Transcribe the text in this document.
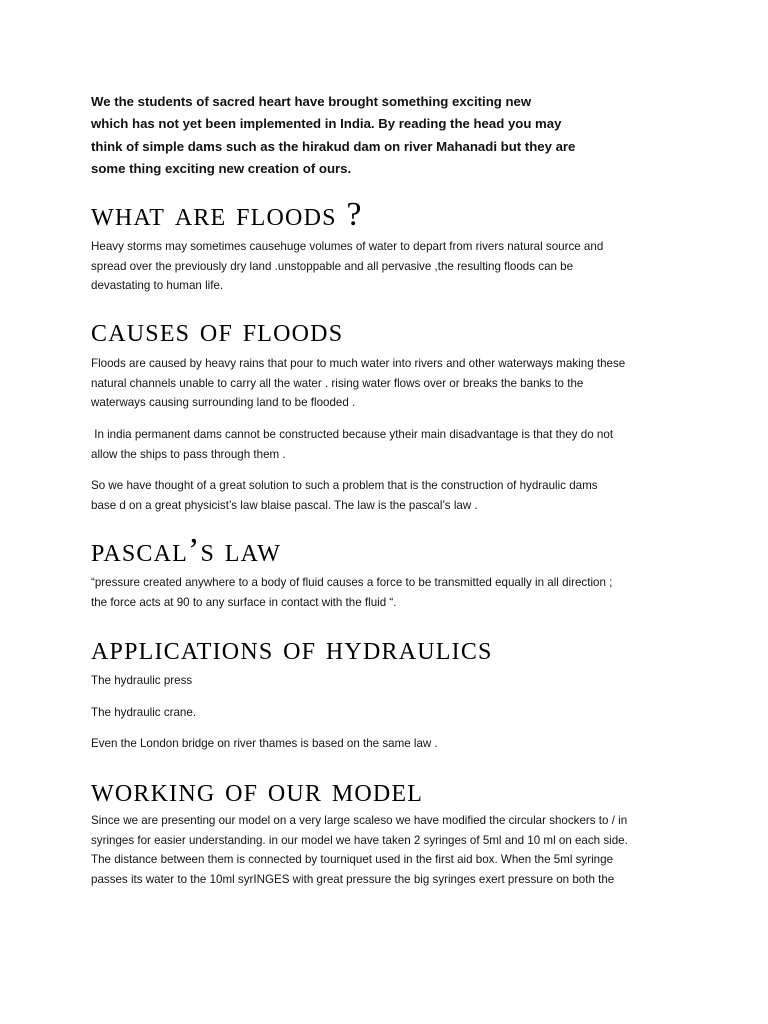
We the students of sacred heart have brought something exciting new
which has not yet been implemented in India. By reading the head you may
think of simple dams such as the hirakud dam on river Mahanadi but they are
some thing exciting new creation of ours.
what are floods ?
Heavy storms may sometimes causehuge volumes of water to depart from rivers natural source and
spread over the previously dry land .unstoppable and all pervasive ,the resulting floods can be
devastating to human life.
causes of floods
Floods are caused by heavy rains that pour to much water into rivers and other waterways making these
natural channels unable to carry all the water . rising water flows over or breaks the banks to the
waterways causing surrounding land to be flooded .
In india permanent dams cannot be constructed because ytheir main disadvantage is that they do not
allow the ships to pass through them .
So we have thought of a great solution to such a problem that is the construction of hydraulic dams
base d on a great physicist’s law blaise pascal. The law is the pascal’s law .
pascal’s law
“pressure created anywhere to a body of fluid causes a force to be transmitted equally in all direction ;
the force acts at 90 to any surface in contact with the fluid “.
applications of hydraulics
The hydraulic press
The hydraulic crane.
Even the London bridge on river thames is based on the same law .
working of our model
Since we are presenting our model on a very large scaleso we have modified the circular shockers to / in
syringes for easier understanding. in our model we have taken 2 syringes of 5ml and 10 ml on each side.
The distance between them is connected by tourniquet used in the first aid box. When the 5ml syringe
passes its water to the 10ml syrINGES with great pressure the big syringes exert pressure on both the
